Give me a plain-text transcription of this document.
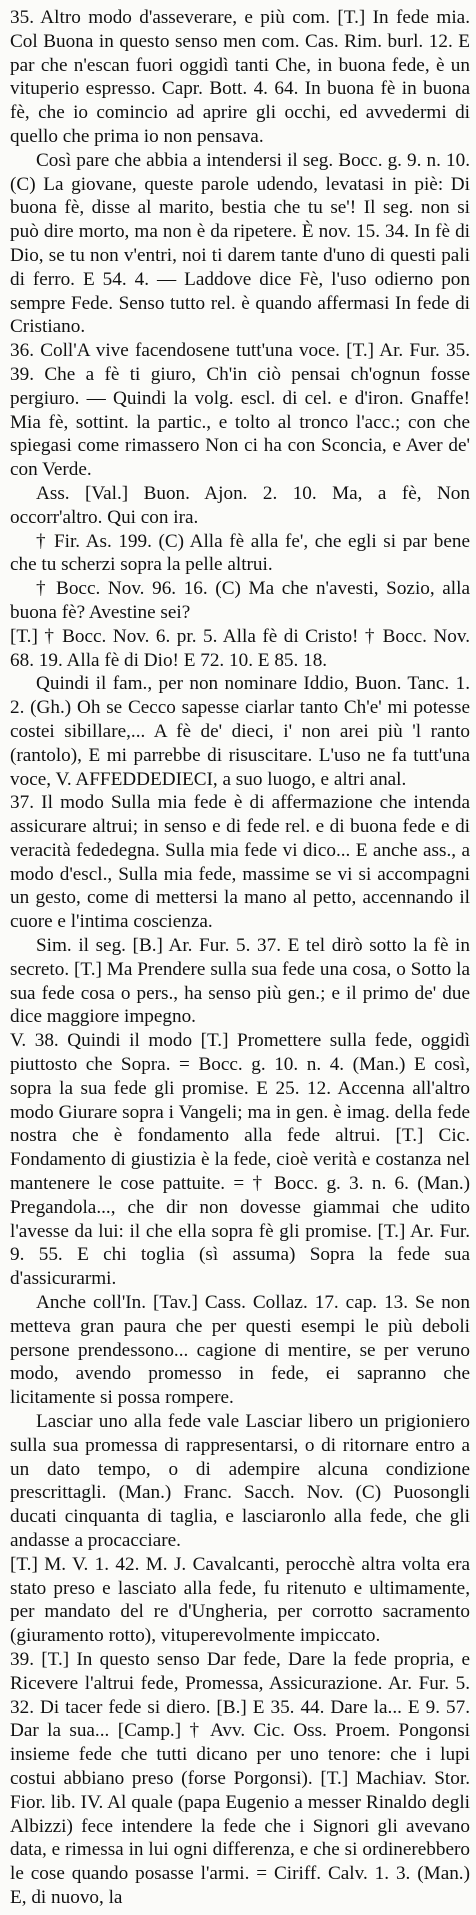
35. Altro modo d'asseverare, e più com. [T.] In fede mia. Col Buona in questo senso men com. Cas. Rim. burl. 12. E par che n'escan fuori oggidì tanti Che, in buona fede, è un vituperio espresso. Capr. Bott. 4. 64. In buona fè in buona fè, che io comincio ad aprire gli occhi, ed avvedermi di quello che prima io non pensava.

Così pare che abbia a intendersi il seg. Bocc. g. 9. n. 10. (C) La giovane, queste parole udendo, levatasi in piè: Di buona fè, disse al marito, bestia che tu se'! Il seg. non si può dire morto, ma non è da ripetere. È nov. 15. 34. In fè di Dio, se tu non v'entri, noi ti darem tante d'uno di questi pali di ferro. E 54. 4. — Laddove dice Fè, l'uso odierno pon sempre Fede. Senso tutto rel. è quando affermasi In fede di Cristiano.

36. Coll'A vive facendosene tutt'una voce. [T.] Ar. Fur. 35. 39. Che a fè ti giuro, Ch'in ciò pensai ch'ognun fosse pergiuro. — Quindi la volg. escl. di cel. e d'iron. Gnaffe! Mia fè, sottint. la partic., e tolto al tronco l'acc.; con che spiegasi come rimassero Non ci ha con Sconcia, e Aver de' con Verde.

Ass. [Val.] Buon. Ajon. 2. 10. Ma, a fè, Non occorr'altro. Qui con ira.

† Fir. As. 199. (C) Alla fè alla fe', che egli si par bene che tu scherzi sopra la pelle altrui.

† Bocc. Nov. 96. 16. (C) Ma che n'avesti, Sozio, alla buona fè? Avestine sei?

[T.] † Bocc. Nov. 6. pr. 5. Alla fè di Cristo! † Bocc. Nov. 68. 19. Alla fè di Dio! E 72. 10. E 85. 18.

Quindi il fam., per non nominare Iddio, Buon. Tanc. 1. 2. (Gh.) Oh se Cecco sapesse ciarlar tanto Ch'e' mi potesse costei sibillare,... A fè de' dieci, i' non arei più 'l ranto (rantolo), E mi parrebbe di risuscitare. L'uso ne fa tutt'una voce, V. AFFEDDEDIECI, a suo luogo, e altri anal.

37. Il modo Sulla mia fede è di affermazione che intenda assicurare altrui; in senso e di fede rel. e di buona fede e di veracità fededegna. Sulla mia fede vi dico... E anche ass., a modo d'escl., Sulla mia fede, massime se vi si accompagni un gesto, come di mettersi la mano al petto, accennando il cuore e l'intima coscienza.

Sim. il seg. [B.] Ar. Fur. 5. 37. E tel dirò sotto la fè in secreto. [T.] Ma Prendere sulla sua fede una cosa, o Sotto la sua fede cosa o pers., ha senso più gen.; e il primo de' due dice maggiore impegno.

V. 38. Quindi il modo [T.] Promettere sulla fede, oggidì piuttosto che Sopra. = Bocc. g. 10. n. 4. (Man.) E così, sopra la sua fede gli promise. E 25. 12. Accenna all'altro modo Giurare sopra i Vangeli; ma in gen. è imag. della fede nostra che è fondamento alla fede altrui. [T.] Cic. Fondamento di giustizia è la fede, cioè verità e costanza nel mantenere le cose pattuite. = † Bocc. g. 3. n. 6. (Man.) Pregandola..., che dir non dovesse giammai che udito l'avesse da lui: il che ella sopra fè gli promise. [T.] Ar. Fur. 9. 55. E chi toglia (sì assuma) Sopra la fede sua d'assicurarmi.

Anche coll'In. [Tav.] Cass. Collaz. 17. cap. 13. Se non metteva gran paura che per questi esempi le più deboli persone prendessono... cagione di mentire, se per veruno modo, avendo promesso in fede, ei sapranno che licitamente si possa rompere.

Lasciar uno alla fede vale Lasciar libero un prigioniero sulla sua promessa di rappresentarsi, o di ritornare entro a un dato tempo, o di adempire alcuna condizione prescrittagli. (Man.) Franc. Sacch. Nov. (C) Puosongli ducati cinquanta di taglia, e lasciaronlo alla fede, che gli andasse a procacciare.

[T.] M. V. 1. 42. M. J. Cavalcanti, perocchè altra volta era stato preso e lasciato alla fede, fu ritenuto e ultimamente, per mandato del re d'Ungheria, per corrotto sacramento (giuramento rotto), vituperevolmente impiccato.

39. [T.] In questo senso Dar fede, Dare la fede propria, e Ricevere l'altrui fede, Promessa, Assicurazione. Ar. Fur. 5. 32. Di tacer fede si diero. [B.] E 35. 44. Dare la... E 9. 57. Dar la sua... [Camp.] † Avv. Cic. Oss. Proem. Pongonsi insieme fede che tutti dicano per uno tenore: che i lupi costui abbiano preso (forse Porgonsi). [T.] Machiav. Stor. Fior. lib. IV. Al quale (papa Eugenio a messer Rinaldo degli Albizzi) fece intendere la fede che i Signori gli avevano data, e rimessa in lui ogni differenza, e che si ordinerebbero le cose quando posasse l'armi. = Ciriff. Calv. 1. 3. (Man.) E, di nuovo, la
